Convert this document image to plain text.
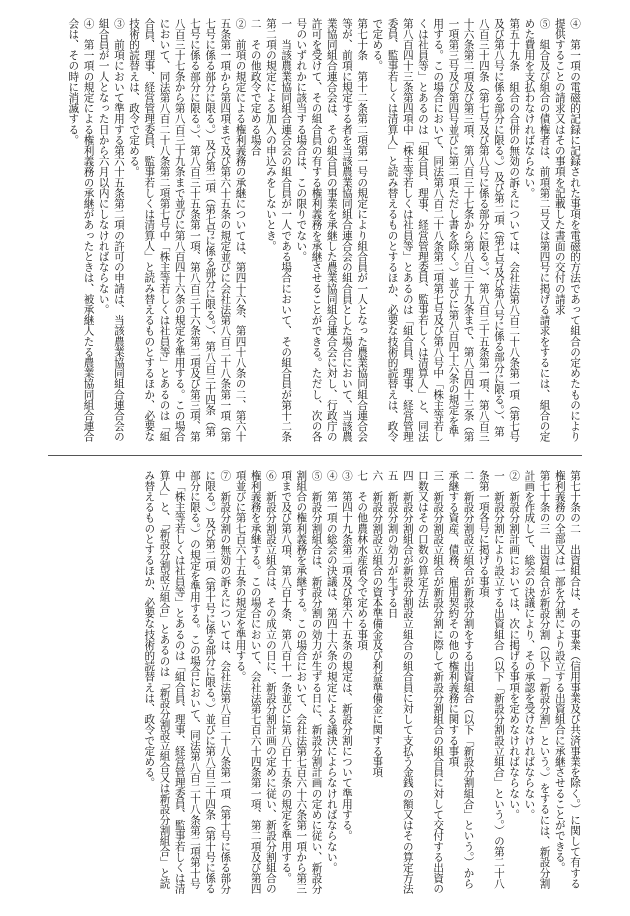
④　第一項の電磁的記録に記録された事項を電磁的方法であって組合の定めたものにより提供することの請求又はその事項を記載した書面の交付の請求

⑤　組合及び組合の債権者は、前項第二号又は第四号に掲げる請求をするには、組合の定めた費用を支払わなければならない。

第五十九条　組合の合併の無効の訴えについては、会社法第八百二十八条第一項（第七号及び第八号に係る部分に限る。）及び第二項（第七号及び第八号に係る部分に限る。）、第八百三十四条（第七号及び第八号に係る部分に限る。）、第八百三十五条第一項、第八百三十六条第二項及び第三項、第八百三十七条から第八百三十九条まで、第八百四十三条（第一項第三号及び第四号並びに第二項ただし書を除く。）並びに第八百四十六条の規定を準用する。この場合において、同法第八百二十八条第二項第七号及び第八号中「株主等若しくは社員等」とあるのは「組合員、理事、経営管理委員、監事若しくは清算人」と、同法第八百四十三条第四項中「株主等若しくは社員等」とあるのは「組合員、理事、経営管理委員、監事若しくは清算人」と読み替えるものとするほか、必要な技術的読替えは、政令で定める。

第七十条　第十二条第二項第一号の規定により組合員が一人となった農業協同組合連合会等が、前項に規定する者を当該農業協同組合連合会の組合員とした場合において、当該農業協同組合連合会は、その組合員の事業を承継した農業協同組合連合会に対し、行政庁の許可を受けて、その組合員の有する権利義務を承継させることができる。ただし、次の各号のいずれかに該当する場合は、この限りでない。

一　当該農業協同組合連合会の組合員が一人である場合において、その組合員が第十二条第二項の規定による加入の申込みをしないとき。

二　その他政令で定める場合

②　前項の規定による権利義務の承継については、第四十六条、第四十八条の二、第六十五条第一項から第四項まで及び第六十五条の規定並びに会社法第八百二十八条第一項（第七号に係る部分に限る。）及び第二項（第七号に係る部分に限る。）、第八百三十四条（第七号に係る部分に限る。）、第八百三十五条第一項、第八百三十六条第二項及び第三項、第八百三十七条から第八百三十九条まで並びに第八百四十六条の規定を準用する。この場合において、同法第八百二十八条第二項第七号中「株主等若しくは社員等」とあるのは「組合員、理事、経営管理委員、監事若しくは清算人」と読み替えるものとするほか、必要な技術的読替えは、政令で定める。

③　前項において準用する第六十五条第二項の許可の申請は、当該農業協同組合連合会の組合員が一人となった日から六月以内にしなければならない。

④　第一項の規定による権利義務の承継があったときは、被承継人たる農業協同組合連合会は、その時に消滅する。

第七十条の二　出資組合は、その事業（信用事業及び共済事業を除く。）に関して有する権利義務の全部又は一部を分割により設立する出資組合に承継させることができる。

第七十条の三　出資組合が新設分割（以下「新設分割」という。）をするには、新設分割計画を作成して、総会の決議により、その承認を受けなければならない。

②　新設分割計画においては、次に掲げる事項を定めなければならない。

一　新設分割により設立する出資組合（以下「新設分割設立組合」という。）の第二十八条第一項各号に掲げる事項

二　新設分割設立組合が新設分割をする出資組合（以下「新設分割組合」という。）から承継する資産、債務、雇用契約その他の権利義務に関する事項

三　新設分割設立組合が新設分割に際して新設分割組合の組合員に対して交付する出資の口数又はその口数の算定方法

四　新設分割組合が新設分割設立組合の組合員に対して支払う金銭の額又はその算定方法

五　新設分割の効力が生ずる日

六　新設分割設立組合の資本準備金及び利益準備金に関する事項

七　その他農林水産省令で定める事項

③　第四十九条第二項及び第六十五条の規定は、新設分割について準用する。

④　第一項の総会の決議は、第四十六条の規定による議決によらなければならない。

⑤　新設分割組合は、新設分割の効力が生ずる日に、新設分割計画の定めに従い、新設分割組合の権利義務を承継する。この場合において、会社法第七百六十六条第一項から第三項まで及び第八項、第八百十条、第八百十一条並びに第八百十五条の規定を準用する。

⑥　新設分割設立組合は、その成立の日に、新設分割計画の定めに従い、新設分割組合の権利義務を承継する。この場合において、会社法第七百六十四条第一項、第二項及び第四項並びに第七百六十五条の規定を準用する。

⑦　新設分割の無効の訴えについては、会社法第八百二十八条第一項（第十号に係る部分に限る。）及び第二項（第十号に係る部分に限る。）並びに第八百三十四条（第十号に係る部分に限る。）の規定を準用する。この場合において、同法第八百二十八条第二項第十号中「株主等若しくは社員等」とあるのは「組合員、理事、経営管理委員、監事若しくは清算人」と、「新設分割設立組合」とあるのは「新設分割設立組合又は新設分割組合」と読み替えるものとするほか、必要な技術的読替えは、政令で定める。
